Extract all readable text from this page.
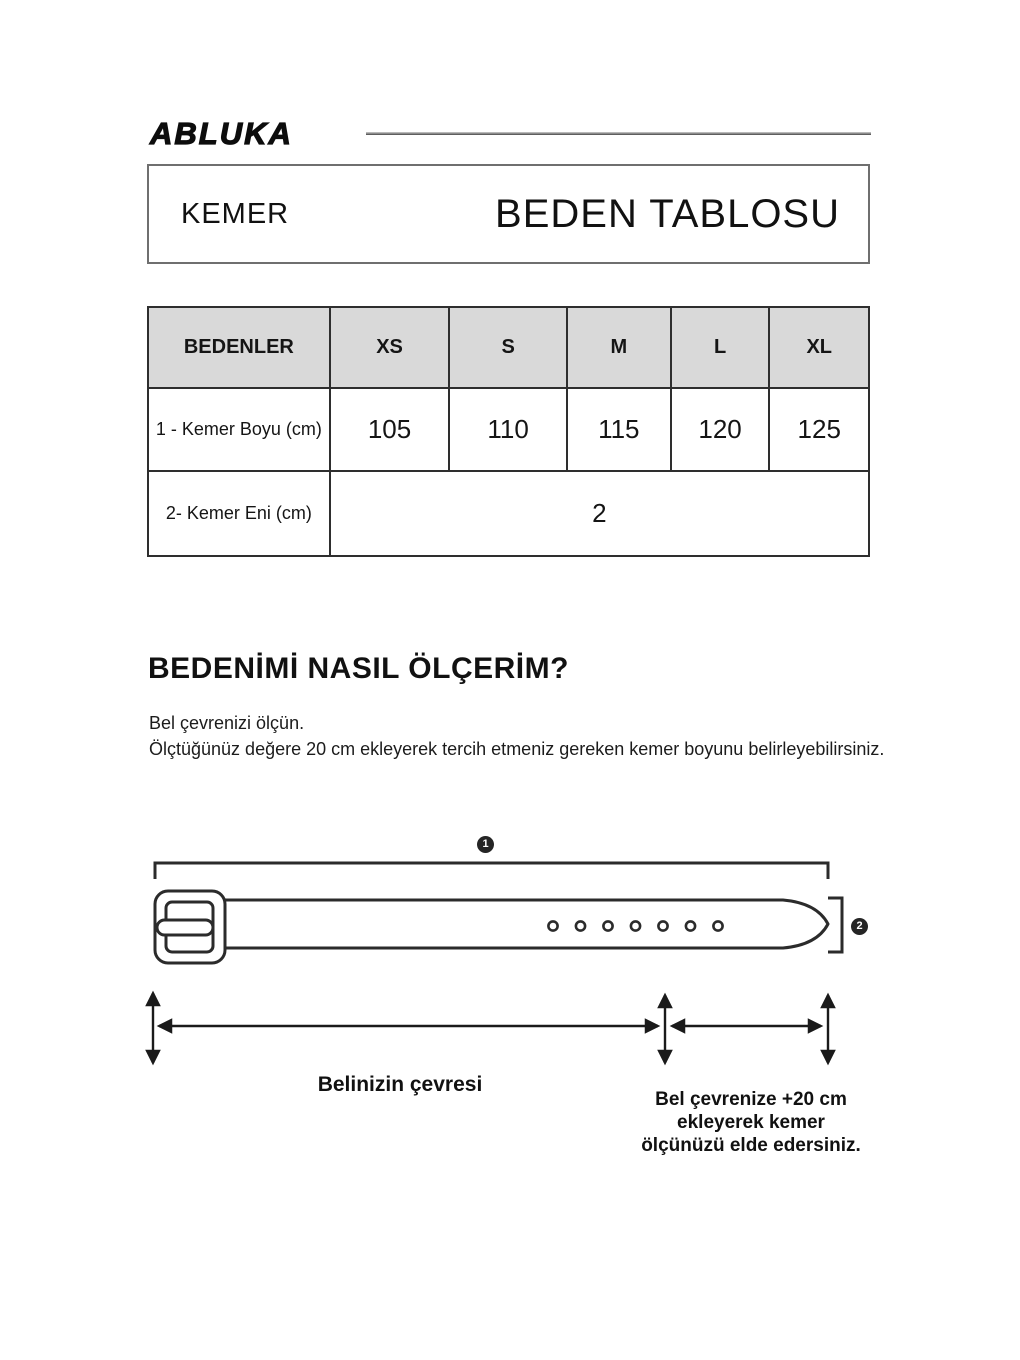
ABLUKA
KEMER	BEDEN TABLOSU
BEDENLER	XS	S	M	L	XL
1 - Kemer Boyu (cm)	105	110	115	120	125
2- Kemer Eni (cm)	2				
BEDENİMİ NASIL ÖLÇERİM?

Bel çevrenizi ölçün.

Ölçtüğünüz değere 20 cm ekleyerek tercih etmeniz gereken kemer boyunu belirleyebilirsiniz.

1
2
Belinizin çevresi
Bel çevrenize +20 cm
ekleyerek kemer
ölçünüzü elde edersiniz.
